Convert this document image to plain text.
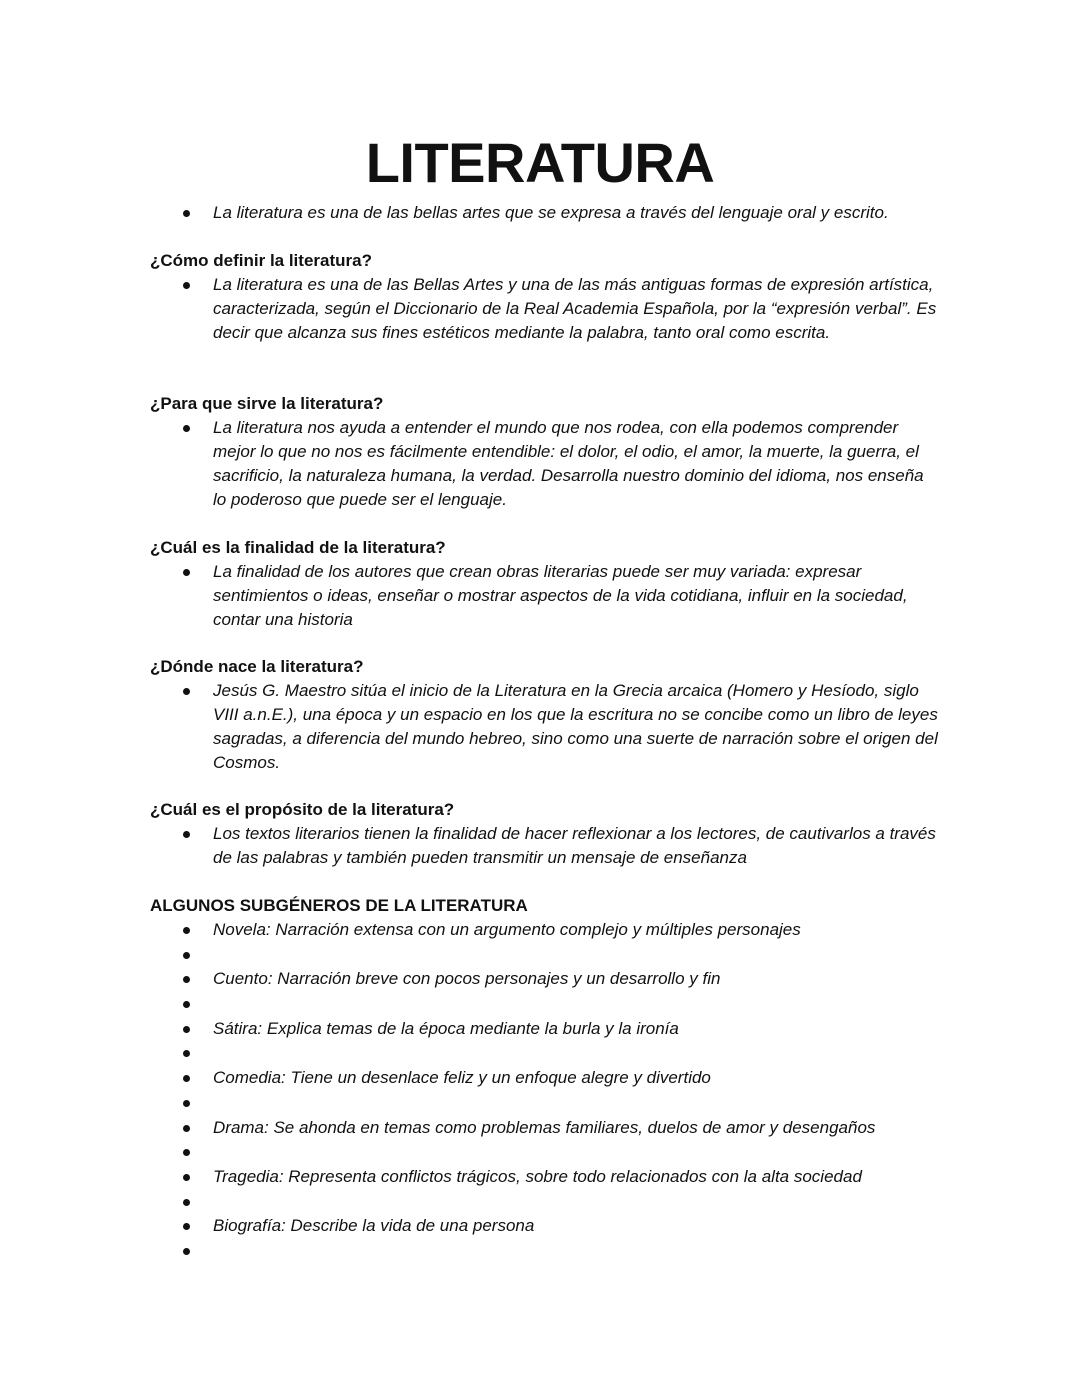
LITERATURA
La literatura es una de las bellas artes que se expresa a través del lenguaje oral y escrito.

¿Cómo definir la literatura?

La literatura es una de las Bellas Artes y una de las más antiguas formas de expresión artística, caracterizada, según el Diccionario de la Real Academia Española, por la “expresión verbal”. Es decir que alcanza sus fines estéticos mediante la palabra, tanto oral como escrita.

¿Para que sirve la literatura?

La literatura nos ayuda a entender el mundo que nos rodea, con ella podemos comprender mejor lo que no nos es fácilmente entendible: el dolor, el odio, el amor, la muerte, la guerra, el sacrificio, la naturaleza humana, la verdad. Desarrolla nuestro dominio del idioma, nos enseña lo poderoso que puede ser el lenguaje.

¿Cuál es la finalidad de la literatura?

La finalidad de los autores que crean obras literarias puede ser muy variada: expresar sentimientos o ideas, enseñar o mostrar aspectos de la vida cotidiana, influir en la sociedad, contar una historia

¿Dónde nace la literatura?

Jesús G. Maestro sitúa el inicio de la Literatura en la Grecia arcaica (Homero y Hesíodo, siglo VIII a.n.E.), una época y un espacio en los que la escritura no se concibe como un libro de leyes sagradas, a diferencia del mundo hebreo, sino como una suerte de narración sobre el origen del Cosmos.

¿Cuál es el propósito de la literatura?

Los textos literarios tienen la finalidad de hacer reflexionar a los lectores, de cautivarlos a través de las palabras y también pueden transmitir un mensaje de enseñanza

ALGUNOS SUBGÉNEROS DE LA LITERATURA

Novela: Narración extensa con un argumento complejo y múltiples personajes
Cuento: Narración breve con pocos personajes y un desarrollo y fin
Sátira: Explica temas de la época mediante la burla y la ironía
Comedia: Tiene un desenlace feliz y un enfoque alegre y divertido
Drama: Se ahonda en temas como problemas familiares, duelos de amor y desengaños
Tragedia: Representa conflictos trágicos, sobre todo relacionados con la alta sociedad
Biografía: Describe la vida de una persona
